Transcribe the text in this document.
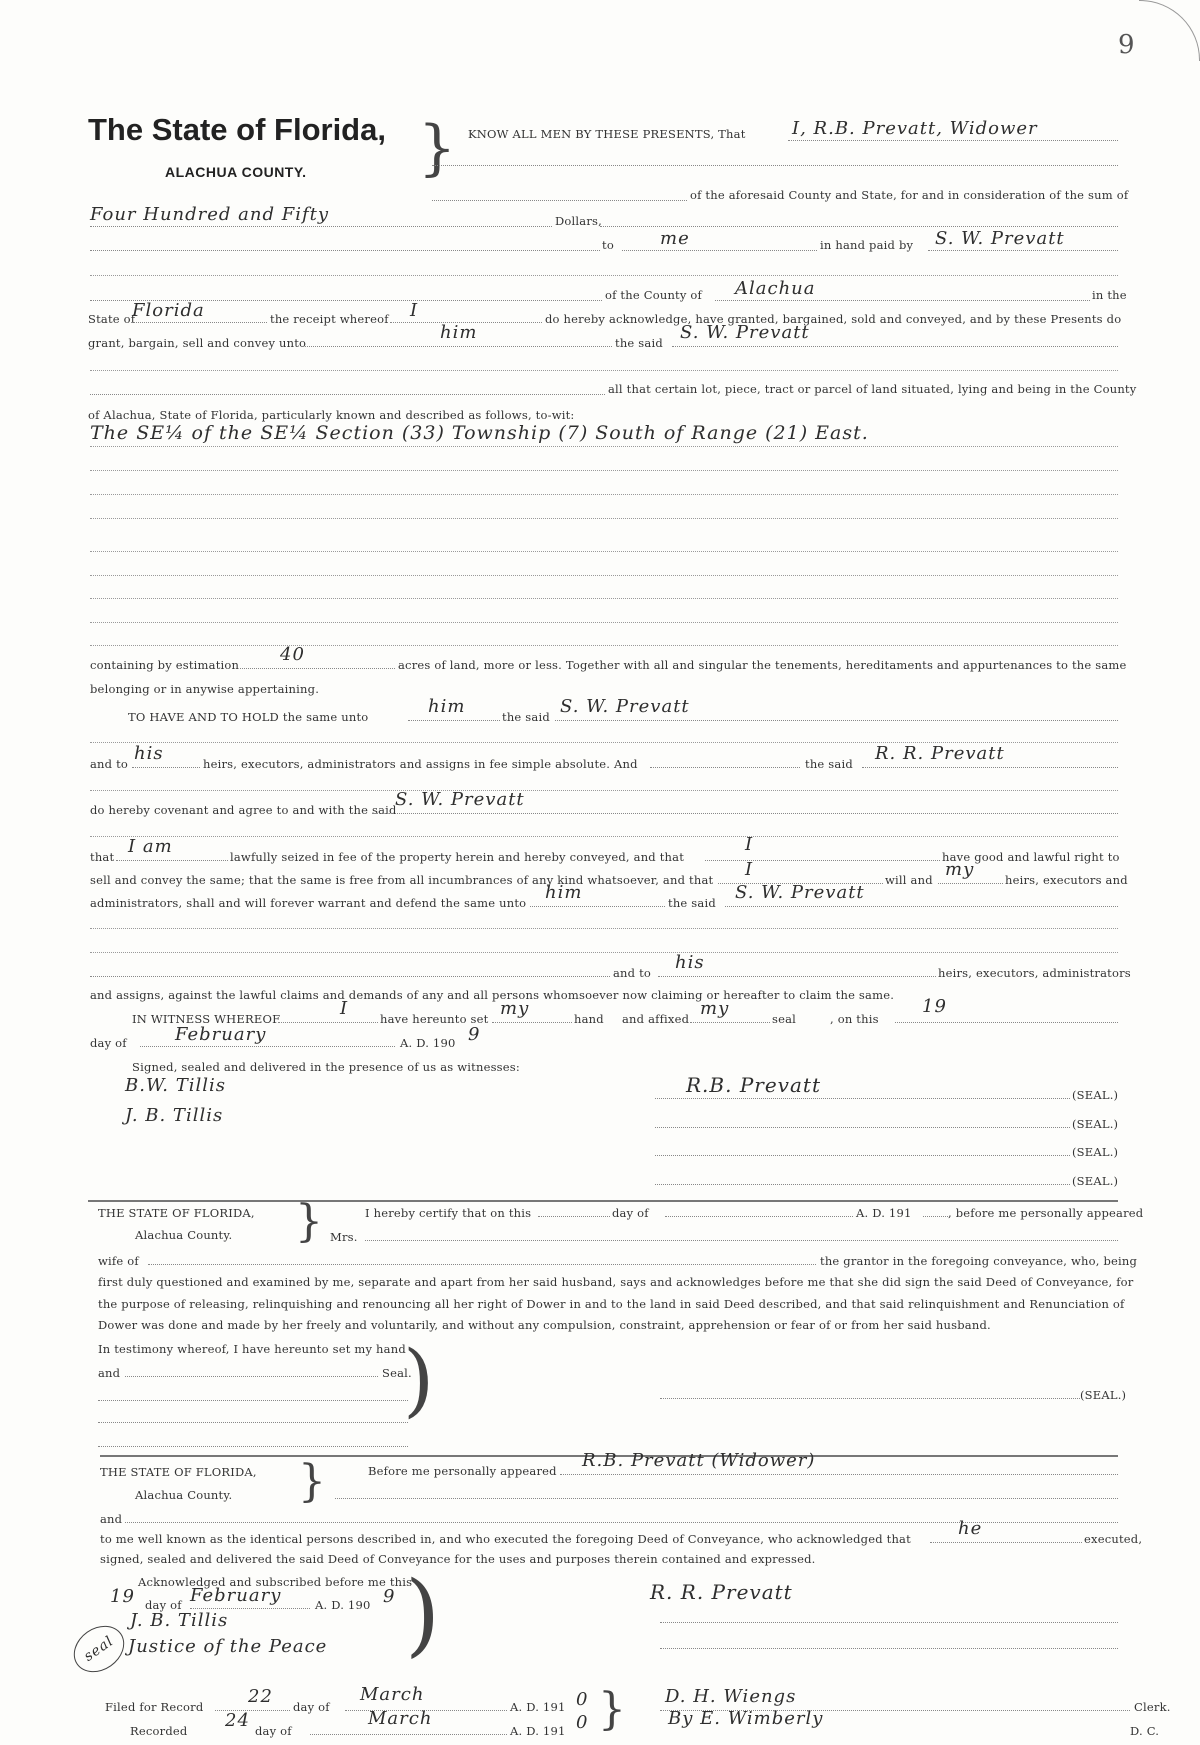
9
The State of Florida,
ALACHUA COUNTY. } KNOW ALL MEN BY THESE PRESENTS, That	I, R.B. Prevatt, Widower
of the aforesaid County and State, for and in consideration of the sum of
Four Hundred and Fifty	Dollars,
to	me	in hand paid by S. W. Prevatt
of the County of Alachua	in the
State of
Florida	the receipt whereof I	do hereby acknowledge, have granted, bargained, sold and conveyed, and by these Presents do
grant, bargain, sell and convey unto	him	the said S. W. Prevatt
all that certain lot, piece, tract or parcel of land situated, lying and being in the County
of Alachua, State of Florida, particularly known and described as follows, to-wit:
The SE¼ of the SE¼ Section (33) Township (7) South of Range (21) East.
containing by estimation 40	acres of land, more or less. Together with all and singular the tenements, hereditaments and appurtenances to the same
belonging or in anywise appertaining.
TO HAVE AND TO HOLD the same unto	him	the said S. W. Prevatt
and to his	heirs, executors, administrators and assigns in fee simple absolute. And	the said R. R. Prevatt
do hereby covenant and agree to and with the said
S. W. Prevatt
that I am	lawfully seized in fee of the property herein and hereby conveyed, and that
I
have good and lawful right to
sell and convey the same; that the same is free from all incumbrances of any kind whatsoever, and that I	will and my	heirs, executors and
administrators, shall and will forever warrant and defend the same unto him	the said S. W. Prevatt
and to his	heirs, executors, administrators
and assigns, against the lawful claims and demands of any and all persons whomsoever now claiming or hereafter to claim the same.
IN WITNESS WHEREOF	I	have hereunto set my	hand and affixed my	seal	, on this
19
day of	February	A. D. 190 9
Signed, sealed and delivered in the presence of us as witnesses:
B.W. Tillis
J. B. Tillis
R.B. Prevatt	(SEAL.)
(SEAL.)
(SEAL.)
(SEAL.)
THE STATE OF FLORIDA,
Alachua County. }	I hereby certify that on this	day of	A. D. 191	, before me personally appeared
Mrs.
wife of	the grantor in the foregoing conveyance, who, being
first duly questioned and examined by me, separate and apart from her said husband, says and acknowledges before me that she did sign the said Deed of Conveyance, for
the purpose of releasing, relinquishing and renouncing all her right of Dower in and to the land in said Deed described, and that said relinquishment and Renunciation of
Dower was done and made by her freely and voluntarily, and without any compulsion, constraint, apprehension or fear of or from her said husband.
In testimony whereof, I have hereunto set my hand
and	Seal.
)	(SEAL.)
THE STATE OF FLORIDA,
Alachua County. }	Before me personally appeared R.B. Prevatt (Widower)
and
to me well known as the identical persons described in, and who executed the foregoing Deed of Conveyance, who acknowledged that	he	executed,
signed, sealed and delivered the said Deed of Conveyance for the uses and purposes therein contained and expressed.
Acknowledged and subscribed before me this
19 day of February	A. D. 190 9
J. B. Tillis
Justice of the Peace
seal	)	R. R. Prevatt
Filed for Record 22 day of
March
A. D. 191 0 } D. H. Wiengs	Clerk.
Recorded 24 day of
March
A. D. 191 0	By E. Wimberly
D. C.
